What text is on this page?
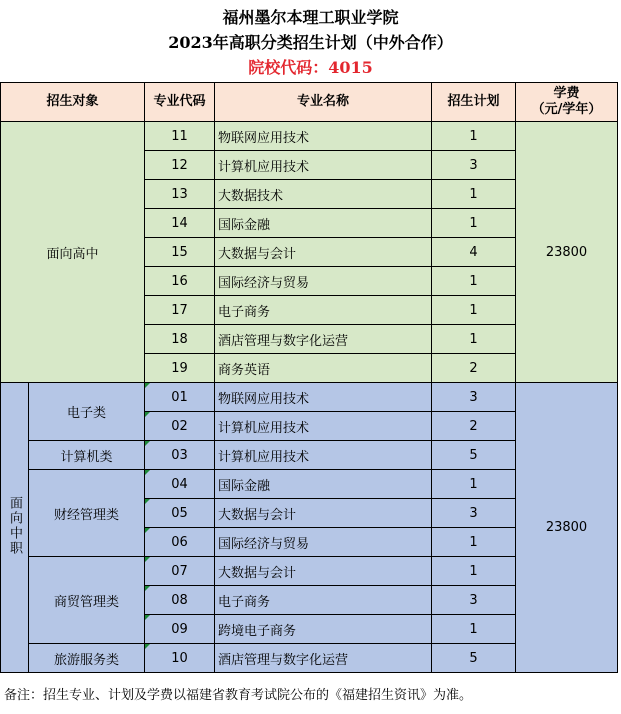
福州墨尔本理工职业学院
2023年高职分类招生计划（中外合作）
院校代码：4015
招生对象		专业代码	专业名称	招生计划	学费
（元/学年）

面向高中		11	物联网应用技术	1	23800
		12	计算机应用技术	3	
		13	大数据技术	1	
		14	国际金融	1	
		15	大数据与会计	4	
		16	国际经济与贸易	1	
		17	电子商务	1	
		18	酒店管理与数字化运营	1	
		19	商务英语	2	
面向中职	电子类	01	物联网应用技术	3	23800
		02	计算机应用技术	2	
	计算机类	03	计算机应用技术	5	
	财经管理类	04	国际金融	1	
		05	大数据与会计	3	
		06	国际经济与贸易	1	
	商贸管理类	07	大数据与会计	1	
		08	电子商务	3	
		09	跨境电子商务	1	
	旅游服务类	10	酒店管理与数字化运营	5	
备注：招生专业、计划及学费以福建省教育考试院公布的《福建招生资讯》为准。
